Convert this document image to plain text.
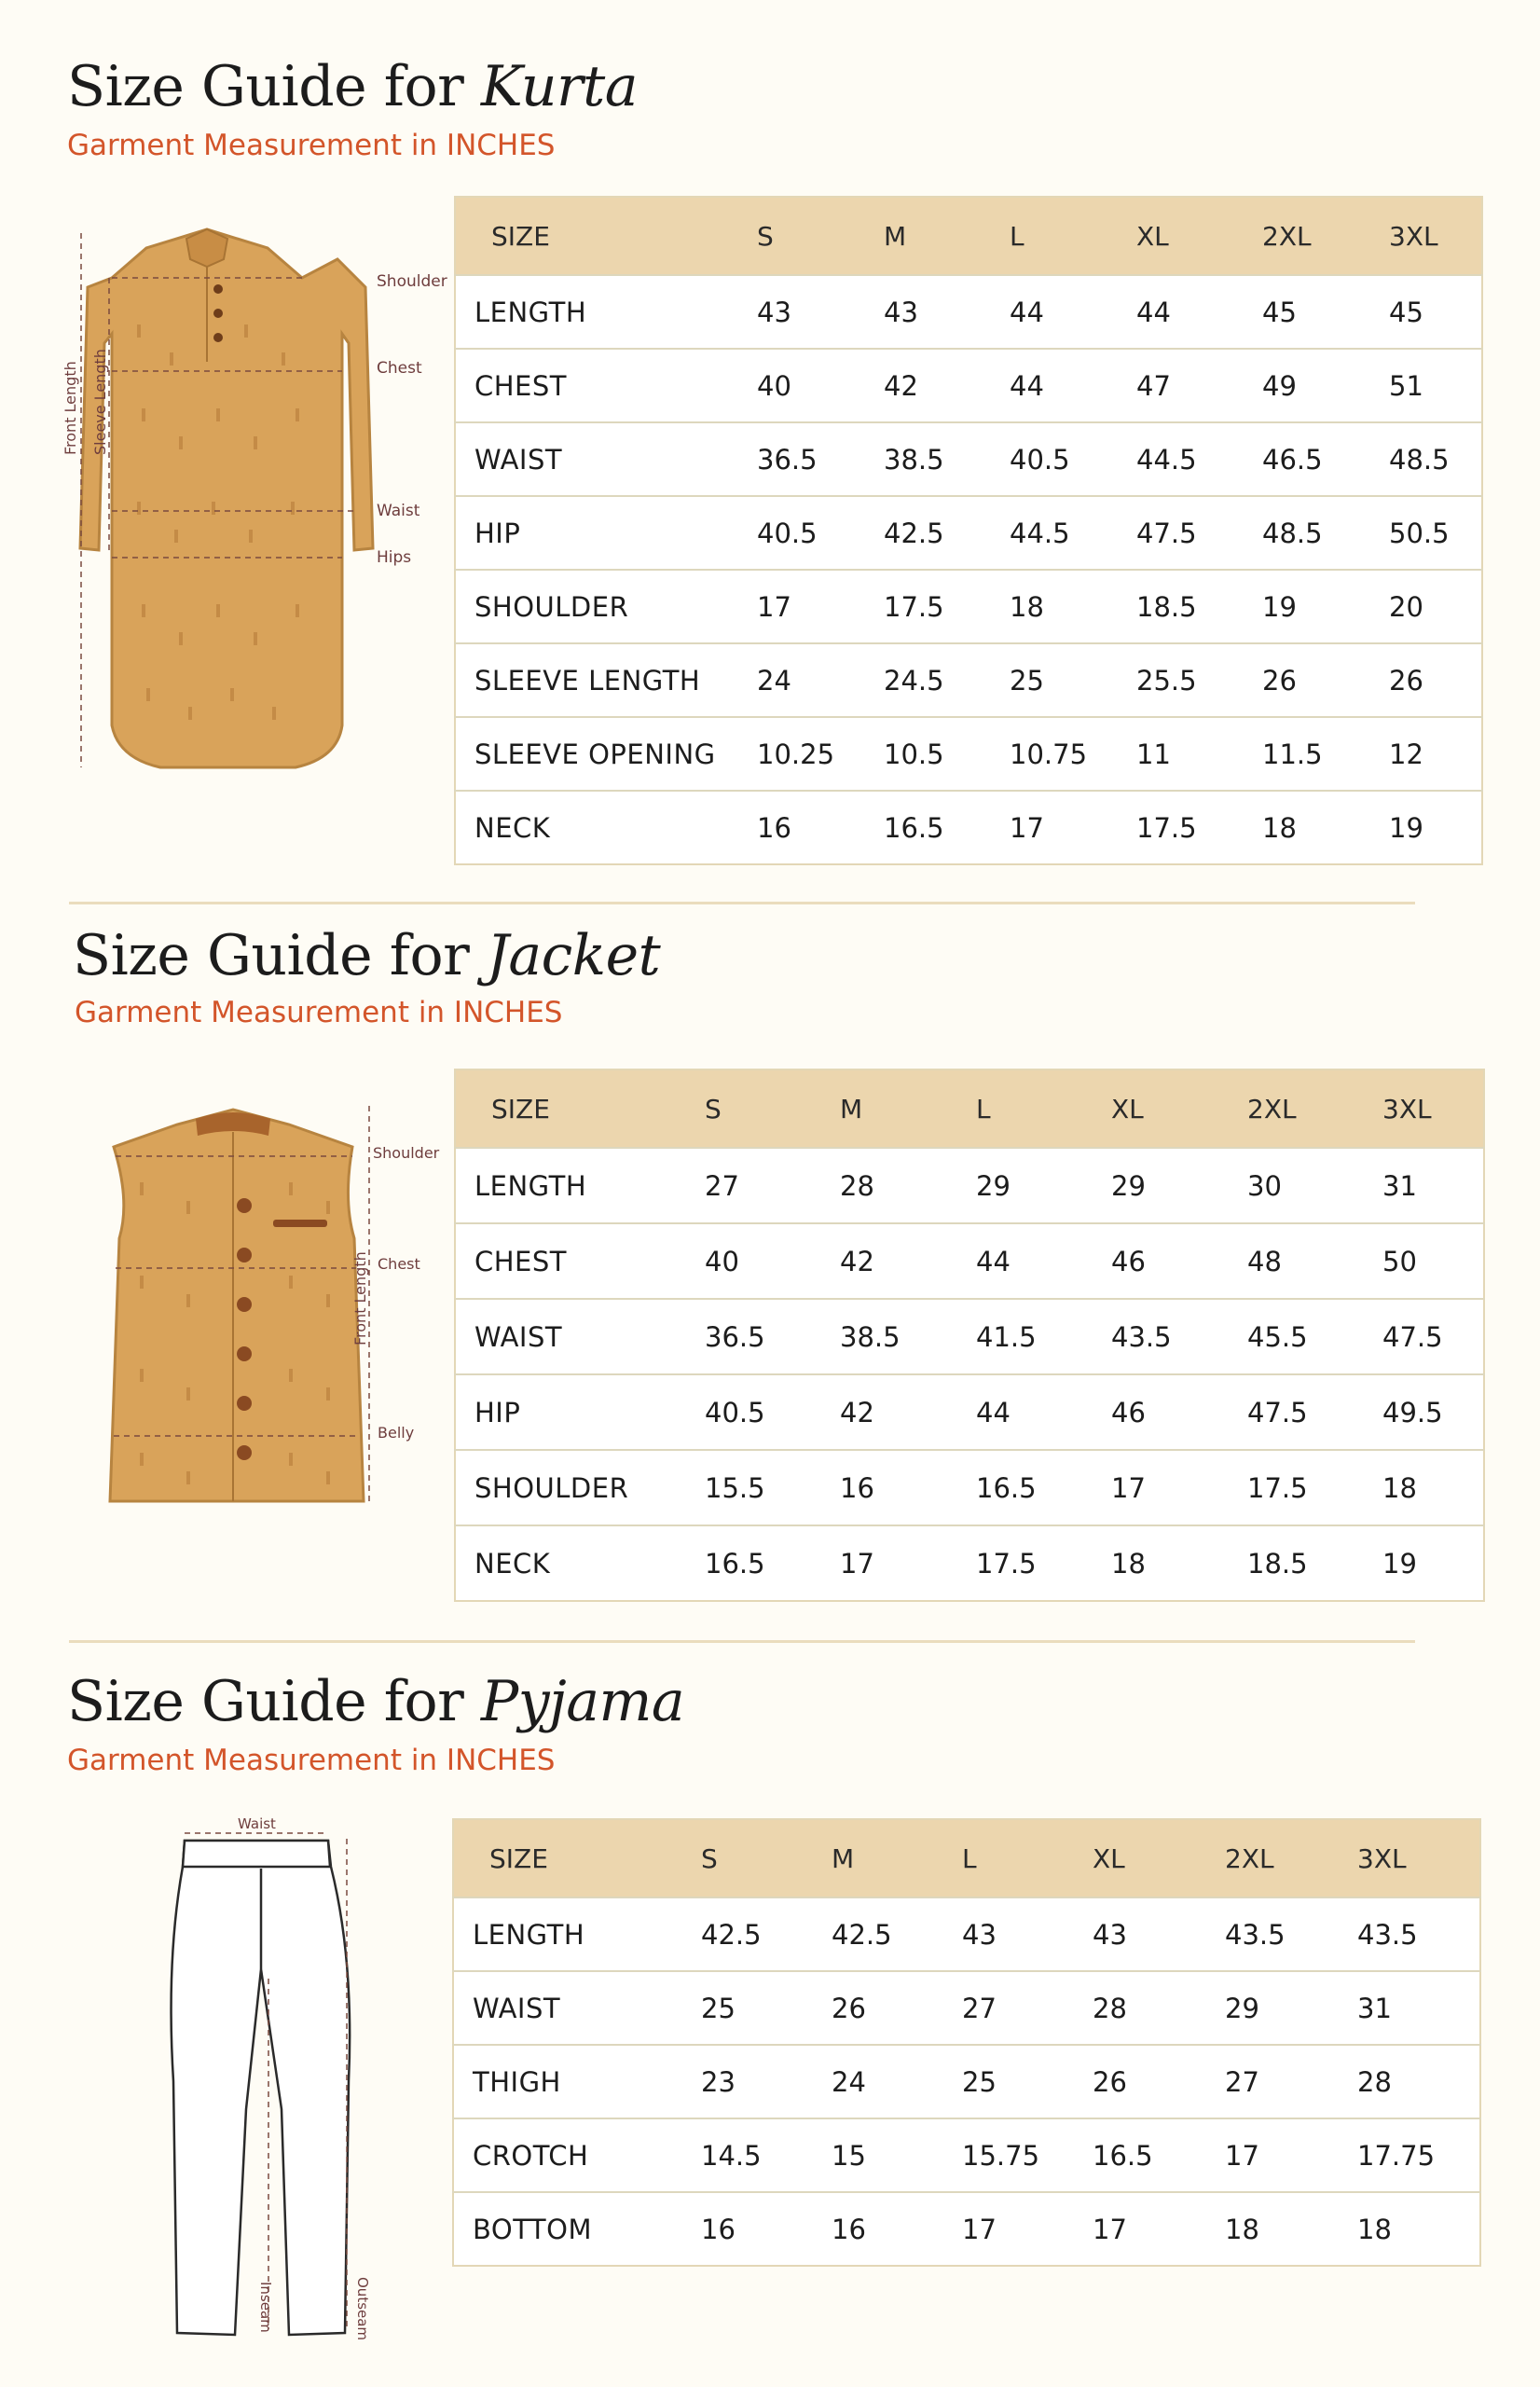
Size Guide for Kurta

Garment Measurement in INCHES

Shoulder
Chest
Waist
Hips
Front Length Sleeve Length
SIZE	S	M	L	XL	2XL	3XL
LENGTH	43	43	44	44	45	45
CHEST	40	42	44	47	49	51
WAIST	36.5	38.5	40.5	44.5	46.5	48.5
HIP	40.5	42.5	44.5	47.5	48.5	50.5
SHOULDER	17	17.5	18	18.5	19	20
SLEEVE LENGTH	24	24.5	25	25.5	26	26
SLEEVE OPENING	10.25	10.5	10.75	11	11.5	12
NECK	16	16.5	17	17.5	18	19
Size Guide for Jacket

Garment Measurement in INCHES

Shoulder
Chest
Belly
Front Length
SIZE	S	M	L	XL	2XL	3XL
LENGTH	27	28	29	29	30	31
CHEST	40	42	44	46	48	50
WAIST	36.5	38.5	41.5	43.5	45.5	47.5
HIP	40.5	42	44	46	47.5	49.5
SHOULDER	15.5	16	16.5	17	17.5	18
NECK	16.5	17	17.5	18	18.5	19
Size Guide for Pyjama

Garment Measurement in INCHES

Waist
Inseam	Outseam
SIZE	S	M	L	XL	2XL	3XL
LENGTH	42.5	42.5	43	43	43.5	43.5
WAIST	25	26	27	28	29	31
THIGH	23	24	25	26	27	28
CROTCH	14.5	15	15.75	16.5	17	17.75
BOTTOM	16	16	17	17	18	18
